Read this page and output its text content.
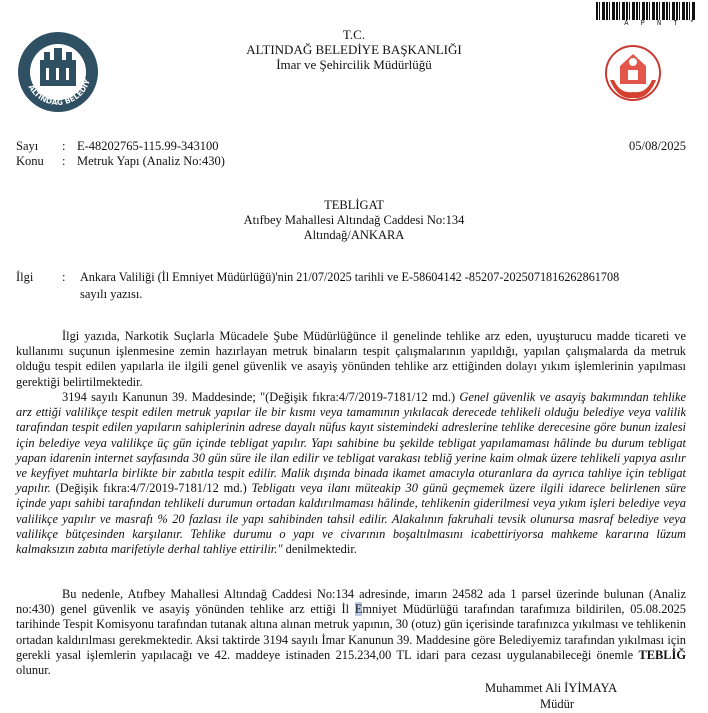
ALTINDAĞ BELEDİY
A P N T *
T.C.
ALTINDAĞ BELEDİYE BAŞKANLIĞI
İmar ve Şehircilik Müdürlüğü
Sayı : E-48202765-115.99-343100	05/08/2025
Konu : Metruk Yapı (Analiz No:430)
TEBLİGAT
Atıfbey Mahallesi Altındağ Caddesi No:134
Altındağ/ANKARA
İlgi : Ankara Valiliği (İl Emniyet Müdürlüğü)'nin 21/07/2025 tarihli ve E-58604142 -85207-2025071816262861708
sayılı yazısı.
İlgi yazıda, Narkotik Suçlarla Mücadele Şube Müdürlüğünce il genelinde tehlike arz eden, uyuşturucu madde ticareti ve kullanımı suçunun işlenmesine zemin hazırlayan metruk binaların tespit çalışmalarının yapıldığı, yapılan çalışmalarda da metruk olduğu tespit edilen yapılarla ile ilgili genel güvenlik ve asayiş yönünden tehlike arz ettiğinden dolayı yıkım işlemlerinin yapılması gerektiği belirtilmektedir.
3194 sayılı Kanunun 39. Maddesinde; "(Değişik fıkra:4/7/2019-7181/12 md.) Genel güvenlik ve asayiş bakımından tehlike arz ettiği valilikçe tespit edilen metruk yapılar ile bir kısmı veya tamamının yıkılacak derecede tehlikeli olduğu belediye veya valilik tarafından tespit edilen yapıların sahiplerinin adrese dayalı nüfus kayıt sistemindeki adreslerine tehlike derecesine göre bunun izalesi için belediye veya valilikçe üç gün içinde tebligat yapılır. Yapı sahibine bu şekilde tebligat yapılamaması hâlinde bu durum tebligat yapan idarenin internet sayfasında 30 gün süre ile ilan edilir ve tebligat varakası tebliğ yerine kaim olmak üzere tehlikeli yapıya asılır ve keyfiyet muhtarla birlikte bir zabıtla tespit edilir. Malik dışında binada ikamet amacıyla oturanlara da ayrıca tahliye için tebligat yapılır. (Değişik fıkra:4/7/2019-7181/12 md.) Tebligatı veya ilanı müteakip 30 günü geçmemek üzere ilgili idarece belirlenen süre içinde yapı sahibi tarafından tehlikeli durumun ortadan kaldırılmaması hâlinde, tehlikenin giderilmesi veya yıkım işleri belediye veya valilikçe yapılır ve masrafı % 20 fazlası ile yapı sahibinden tahsil edilir. Alakalının fakruhali tevsik olunursa masraf belediye veya valilikçe bütçesinden karşılanır. Tehlike durumu o yapı ve civarının boşaltılmasını icabettiriyorsa mahkeme kararına lüzum kalmaksızın zabıta marifetiyle derhal tahliye ettirilir." denilmektedir.
Bu nedenle, Atıfbey Mahallesi Altındağ Caddesi No:134 adresinde, imarın 24582 ada 1 parsel üzerinde bulunan (Analiz no:430) genel güvenlik ve asayiş yönünden tehlike arz ettiği İl Emniyet Müdürlüğü tarafından tarafımıza bildirilen, 05.08.2025 tarihinde Tespit Komisyonu tarafından tutanak altına alınan metruk yapının, 30 (otuz) gün içerisinde tarafınızca yıkılması ve tehlikenin ortadan kaldırılması gerekmektedir. Aksi taktirde 3194 sayılı İmar Kanunun 39. Maddesine göre Belediyemiz tarafından yıkılması için gerekli yasal işlemlerin yapılacağı ve 42. maddeye istinaden 215.234,00 TL idari para cezası uygulanabileceği önemle TEBLİĞ olunur.
Muhammet Ali İYİMAYA
Müdür
